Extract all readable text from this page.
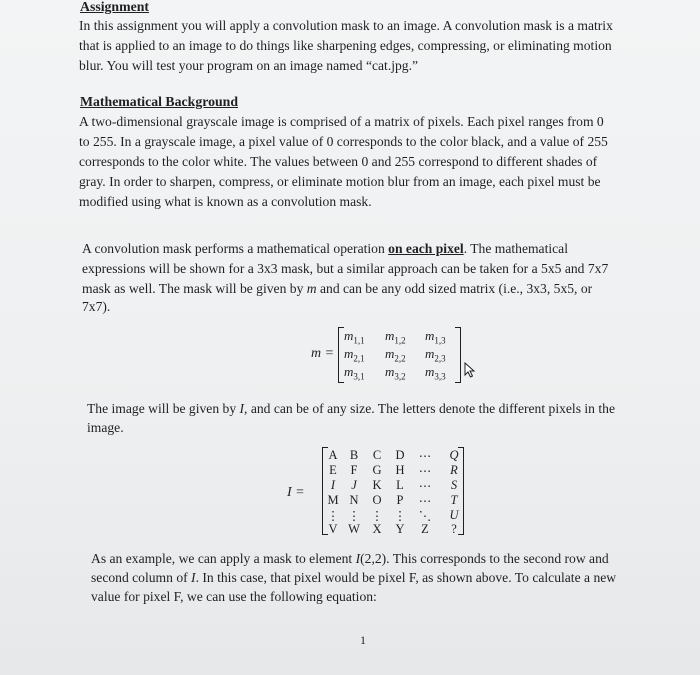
Assignment
In this assignment you will apply a convolution mask to an image. A convolution mask is a matrix
that is applied to an image to do things like sharpening edges, compressing, or eliminating motion
blur. You will test your program on an image named “cat.jpg.”
Mathematical Background
A two-dimensional grayscale image is comprised of a matrix of pixels. Each pixel ranges from 0
to 255. In a grayscale image, a pixel value of 0 corresponds to the color black, and a value of 255
corresponds to the color white. The values between 0 and 255 correspond to different shades of
gray. In order to sharpen, compress, or eliminate motion blur from an image, each pixel must be
modified using what is known as a convolution mask.
A convolution mask performs a mathematical operation on each pixel. The mathematical
expressions will be shown for a 3x3 mask, but a similar approach can be taken for a 5x5 and 7x7
mask as well. The mask will be given by m and can be any odd sized matrix (i.e., 3x3, 5x5, or
7x7).
m =
$m_{1,1}$ $m_{1,2}$ $m_{1,3}$
$m_{2,1}$ $m_{2,2}$ $m_{2,3}$
$m_{3,1}$ $m_{3,2}$ $m_{3,3}$
The image will be given by I, and can be of any size. The letters denote the different pixels in the
image.
I =
A B	C	D ⋯ Q
E	F	G H ⋯	R
I	J	K	L	⋯	S
M N O	P	⋯	T
⋮ ⋮ ⋮ ⋮ ⋱ U
V W X Y	Z	?
As an example, we can apply a mask to element I(2,2). This corresponds to the second row and
second column of I. In this case, that pixel would be pixel F, as shown above. To calculate a new
value for pixel F, we can use the following equation:
1
